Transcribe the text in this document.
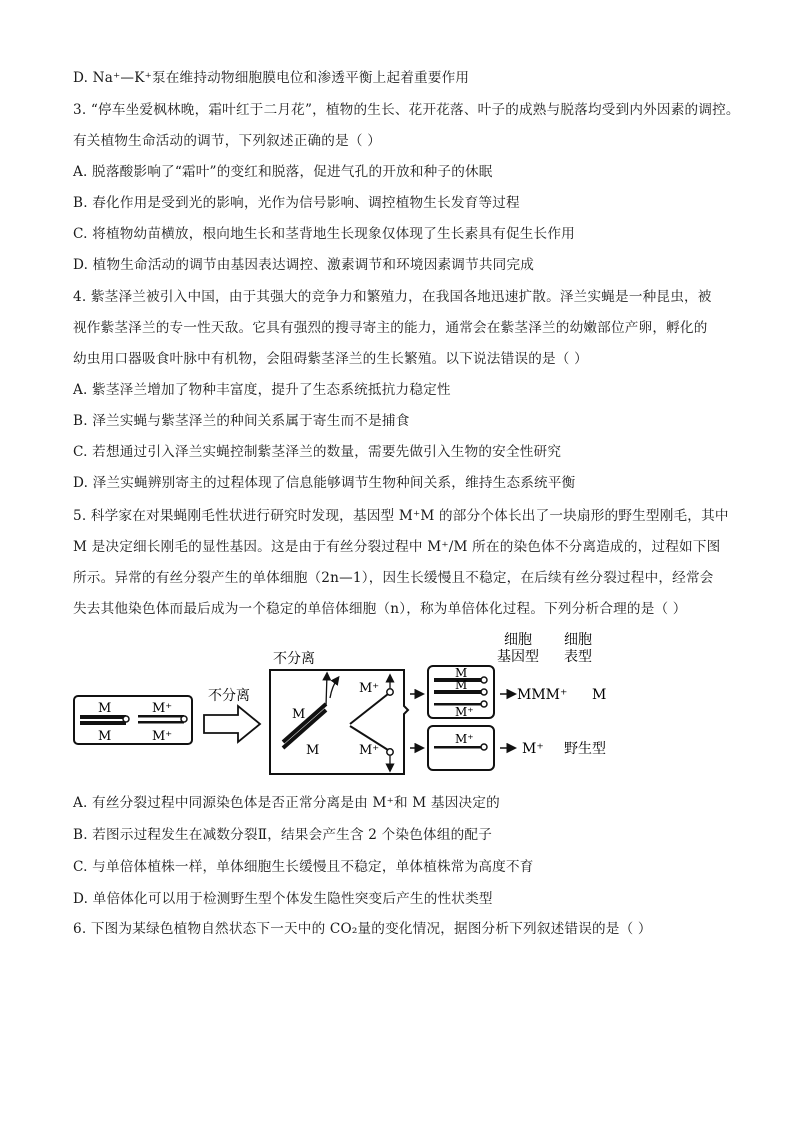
D. Na⁺—K⁺泵在维持动物细胞膜电位和渗透平衡上起着重要作用
3. “停车坐爱枫林晚，霜叶红于二月花”，植物的生长、花开花落、叶子的成熟与脱落均受到内外因素的调控。
有关植物生命活动的调节，下列叙述正确的是（ ）
A. 脱落酸影响了“霜叶”的变红和脱落，促进气孔的开放和种子的休眠
B. 春化作用是受到光的影响，光作为信号影响、调控植物生长发育等过程
C. 将植物幼苗横放，根向地生长和茎背地生长现象仅体现了生长素具有促生长作用
D. 植物生命活动的调节由基因表达调控、激素调节和环境因素调节共同完成
4. 紫茎泽兰被引入中国，由于其强大的竞争力和繁殖力，在我国各地迅速扩散。泽兰实蝇是一种昆虫，被
视作紫茎泽兰的专一性天敌。它具有强烈的搜寻寄主的能力，通常会在紫茎泽兰的幼嫩部位产卵，孵化的
幼虫用口器吸食叶脉中有机物，会阻碍紫茎泽兰的生长繁殖。以下说法错误的是（ ）
A. 紫茎泽兰增加了物种丰富度，提升了生态系统抵抗力稳定性
B. 泽兰实蝇与紫茎泽兰的种间关系属于寄生而不是捕食
C. 若想通过引入泽兰实蝇控制紫茎泽兰的数量，需要先做引入生物的安全性研究
D. 泽兰实蝇辨别寄主的过程体现了信息能够调节生物种间关系，维持生态系统平衡
5. 科学家在对果蝇刚毛性状进行研究时发现，基因型 M⁺M 的部分个体长出了一块扇形的野生型刚毛，其中
M 是决定细长刚毛的显性基因。这是由于有丝分裂过程中 M⁺/M 所在的染色体不分离造成的，过程如下图
所示。异常的有丝分裂产生的单体细胞（2n—1），因生长缓慢且不稳定，在后续有丝分裂过程中，经常会
失去其他染色体而最后成为一个稳定的单倍体细胞（n），称为单倍体化过程。下列分析合理的是（ ）
细胞
基因型
细胞
表型
M
M
M⁺
M⁺
不分离
不分离
M
M
M⁺
M⁺
M
M
M⁺
MMM⁺ M
M⁺
M⁺ 野生型
A. 有丝分裂过程中同源染色体是否正常分离是由 M⁺和 M 基因决定的
B. 若图示过程发生在减数分裂Ⅱ，结果会产生含 2 个染色体组的配子
C. 与单倍体植株一样，单体细胞生长缓慢且不稳定，单体植株常为高度不育
D. 单倍体化可以用于检测野生型个体发生隐性突变后产生的性状类型
6. 下图为某绿色植物自然状态下一天中的 CO₂量的变化情况，据图分析下列叙述错误的是（ ）
